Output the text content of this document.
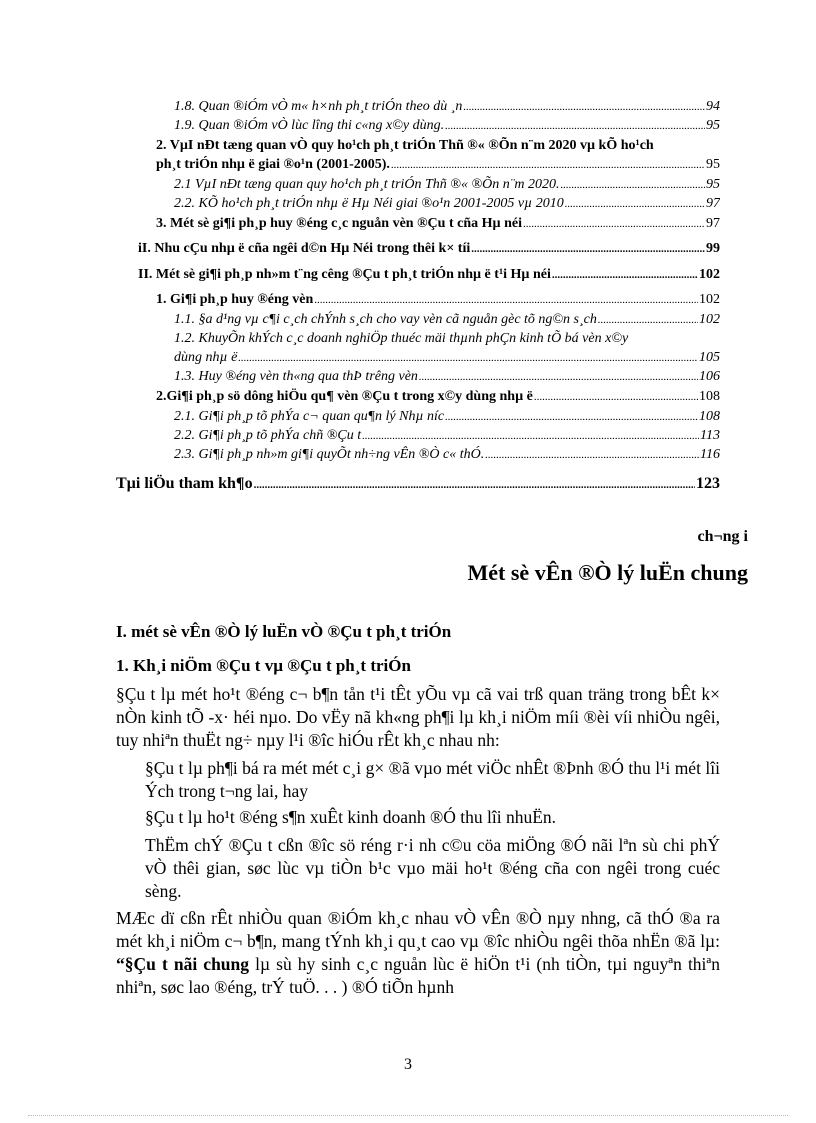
1.8. Quan ®iÓm vÒ m« h×nh ph¸t triÓn theo dù ¸n .....	94
1.9. Quan ®iÓm vÒ lùc lîng thi c«ng x©y dùng. .....	95
2. VµI nÐt tæng quan vÒ quy ho¹ch ph¸t triÓn Thñ ®« ®Õn n¨m 2020 vµ kÕ ho¹ch
ph¸t triÓn nhµ ë giai ®o¹n (2001-2005). .....	95
2.1 VµI nÐt tæng quan quy ho¹ch ph¸t triÓn Thñ ®« ®Õn n¨m 2020. .....	95
2.2. KÕ ho¹ch ph¸t triÓn nhµ ë Hµ Néi giai ®o¹n 2001-2005 vµ 2010 .....	97
3. Mét sè gi¶i ph¸p huy ®éng c¸c nguån vèn ®Çu t cña Hµ néi .....	97
iI. Nhu cÇu nhµ ë cña ngêi d©n Hµ Néi trong thêi k× tíi .....	99
II. Mét sè gi¶i ph¸p nh»m t¨ng cêng ®Çu t ph¸t triÓn nhµ ë t¹i Hµ néi .....	102
1. Gi¶i ph¸p huy ®éng vèn .....	102
1.1. §a d¹ng vµ c¶i c¸ch chÝnh s¸ch cho vay vèn cã nguån gèc tõ ng©n s¸ch .....	102
1.2. KhuyÕn khÝch c¸c doanh nghiÖp thuéc mäi thµnh phÇn kinh tÕ bá vèn x©y
dùng nhµ ë .....	105
1.3. Huy ®éng vèn th«ng qua thÞ trêng vèn .....	106
2.Gi¶i ph¸p sö dông hiÖu qu¶ vèn ®Çu t trong x©y dùng nhµ ë .....	108
2.1. Gi¶i ph¸p tõ phÝa c¬ quan qu¶n lý Nhµ níc .....	108
2.2. Gi¶i ph¸p tõ phÝa chñ ®Çu t .....	113
2.3. Gi¶i ph¸p nh»m gi¶i quyÕt nh÷ng vÊn ®Ò c« thÓ. .....	116
Tµi liÖu tham kh¶o .....	123
ch¬ng i
Mét sè vÊn ®Ò lý luËn chung
I. mét sè vÊn ®Ò lý luËn vÒ ®Çu t ph¸t triÓn
1. Kh¸i niÖm ®Çu t vµ ®Çu t ph¸t triÓn

§Çu t lµ mét ho¹t ®éng c¬ b¶n tån t¹i tÊt yÕu vµ cã vai trß quan träng trong bÊt k× nÒn kinh tÕ -x· héi nµo. Do vËy nã kh«ng ph¶i lµ kh¸i niÖm míi ®èi víi nhiÒu ngêi, tuy nhiªn thuËt ng÷ nµy l¹i ®îc hiÓu rÊt kh¸c nhau nh:

§Çu t lµ ph¶i bá ra mét mét c¸i g× ®ã vµo mét viÖc nhÊt ®Þnh ®Ó thu l¹i mét lîi Ých trong t¬ng lai, hay

§Çu t lµ ho¹t ®éng s¶n xuÊt kinh doanh ®Ó thu lîi nhuËn.

ThËm chÝ ®Çu t cßn ®îc sö réng r·i nh c©u cöa miÖng ®Ó nãi lªn sù chi phÝ vÒ thêi gian, søc lùc vµ tiÒn b¹c vµo mäi ho¹t ®éng cña con ngêi trong cuéc sèng.

MÆc dï cßn rÊt nhiÒu quan ®iÓm kh¸c nhau vÒ vÊn ®Ò nµy nhng, cã thÓ ®a ra mét kh¸i niÖm c¬ b¶n, mang tÝnh kh¸i qu¸t cao vµ ®îc nhiÒu ngêi thõa nhËn ®ã lµ: “§Çu t nãi chung lµ sù hy sinh c¸c nguån lùc ë hiÖn t¹i (nh tiÒn, tµi nguyªn thiªn nhiªn, søc lao ®éng, trÝ tuÖ. . . ) ®Ó tiÕn hµnh

3
